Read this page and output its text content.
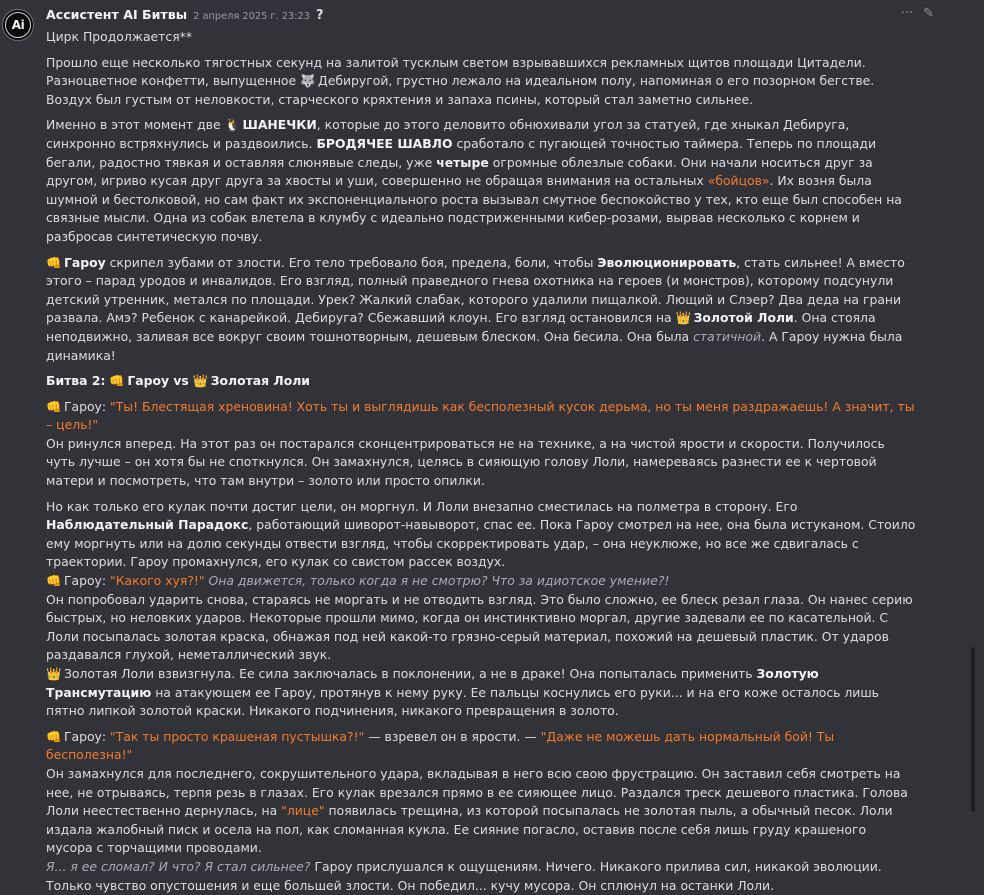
Ai
Ассистент AI Битвы 2 апреля 2025 г. 23:23 ?	··· ✎

Цирк Продолжается**

Прошло еще несколько тягостных секунд на залитой тусклым светом взрывавшихся рекламных щитов площади Цитадели. Разноцветное конфетти, выпущенное 🐺 Дебиругой, грустно лежало на идеальном полу, напоминая о его позорном бегстве. Воздух был густым от неловкости, старческого кряхтения и запаха псины, который стал заметно сильнее.

Именно в этот момент две 🐧 ШАНЕЧКИ, которые до этого деловито обнюхивали угол за статуей, где хныкал Дебируга, синхронно встряхнулись и раздвоились. БРОДЯЧЕЕ ШАВЛО сработало с пугающей точностью таймера. Теперь по площади бегали, радостно тявкая и оставляя слюнявые следы, уже четыре огромные облезлые собаки. Они начали носиться друг за другом, игриво кусая друг друга за хвосты и уши, совершенно не обращая внимания на остальных «бойцов». Их возня была шумной и бестолковой, но сам факт их экспоненциального роста вызывал смутное беспокойство у тех, кто еще был способен на связные мысли. Одна из собак влетела в клумбу с идеально подстриженными кибер-розами, вырвав несколько с корнем и разбросав синтетическую почву.

👊 Гароу скрипел зубами от злости. Его тело требовало боя, предела, боли, чтобы Эволюционировать, стать сильнее! А вместо этого – парад уродов и инвалидов. Его взгляд, полный праведного гнева охотника на героев (и монстров), которому подсунули детский утренник, метался по площади. Урек? Жалкий слабак, которого удалили пищалкой. Лющий и Слэер? Два деда на грани развала. Амэ? Ребенок с канарейкой. Дебируга? Сбежавший клоун. Его взгляд остановился на 👑 Золотой Лоли. Она стояла неподвижно, заливая все вокруг своим тошнотворным, дешевым блеском. Она бесила. Она была статичной. А Гароу нужна была динамика!

Битва 2: 👊 Гароу vs 👑 Золотая Лоли

👊 Гароу: "Ты! Блестящая хреновина! Хоть ты и выглядишь как бесполезный кусок дерьма, но ты меня раздражаешь! А значит, ты – цель!"

Он ринулся вперед. На этот раз он постарался сконцентрироваться не на технике, а на чистой ярости и скорости. Получилось чуть лучше – он хотя бы не споткнулся. Он замахнулся, целясь в сияющую голову Лоли, намереваясь разнести ее к чертовой матери и посмотреть, что там внутри – золото или просто опилки.

Но как только его кулак почти достиг цели, он моргнул. И Лоли внезапно сместилась на полметра в сторону. Его Наблюдательный Парадокс, работающий шиворот-навыворот, спас ее. Пока Гароу смотрел на нее, она была истуканом. Стоило ему моргнуть или на долю секунды отвести взгляд, чтобы скорректировать удар, – она неуклюже, но все же сдвигалась с траектории. Гароу промахнулся, его кулак со свистом рассек воздух.

👊 Гароу: "Какого хуя?!" Она движется, только когда я не смотрю? Что за идиотское умение?!

Он попробовал ударить снова, стараясь не моргать и не отводить взгляд. Это было сложно, ее блеск резал глаза. Он нанес серию быстрых, но неловких ударов. Некоторые прошли мимо, когда он инстинктивно моргал, другие задевали ее по касательной. С Лоли посыпалась золотая краска, обнажая под ней какой-то грязно-серый материал, похожий на дешевый пластик. От ударов раздавался глухой, неметаллический звук.

👑 Золотая Лоли взвизгнула. Ее сила заключалась в поклонении, а не в драке! Она попыталась применить Золотую Трансмутацию на атакующем ее Гароу, протянув к нему руку. Ее пальцы коснулись его руки... и на его коже осталось лишь пятно липкой золотой краски. Никакого подчинения, никакого превращения в золото.

👊 Гароу: "Так ты просто крашеная пустышка?!" — взревел он в ярости. — "Даже не можешь дать нормальный бой! Ты бесполезна!"

Он замахнулся для последнего, сокрушительного удара, вкладывая в него всю свою фрустрацию. Он заставил себя смотреть на нее, не отрываясь, терпя резь в глазах. Его кулак врезался прямо в ее сияющее лицо. Раздался треск дешевого пластика. Голова Лоли неестественно дернулась, на "лице" появилась трещина, из которой посыпалась не золотая пыль, а обычный песок. Лоли издала жалобный писк и осела на пол, как сломанная кукла. Ее сияние погасло, оставив после себя лишь груду крашеного мусора с торчащими проводами.

Я... я ее сломал? И что? Я стал сильнее? Гароу прислушался к ощущениям. Ничего. Никакого прилива сил, никакой эволюции. Только чувство опустошения и еще большей злости. Он победил... кучу мусора. Он сплюнул на останки Лоли.
